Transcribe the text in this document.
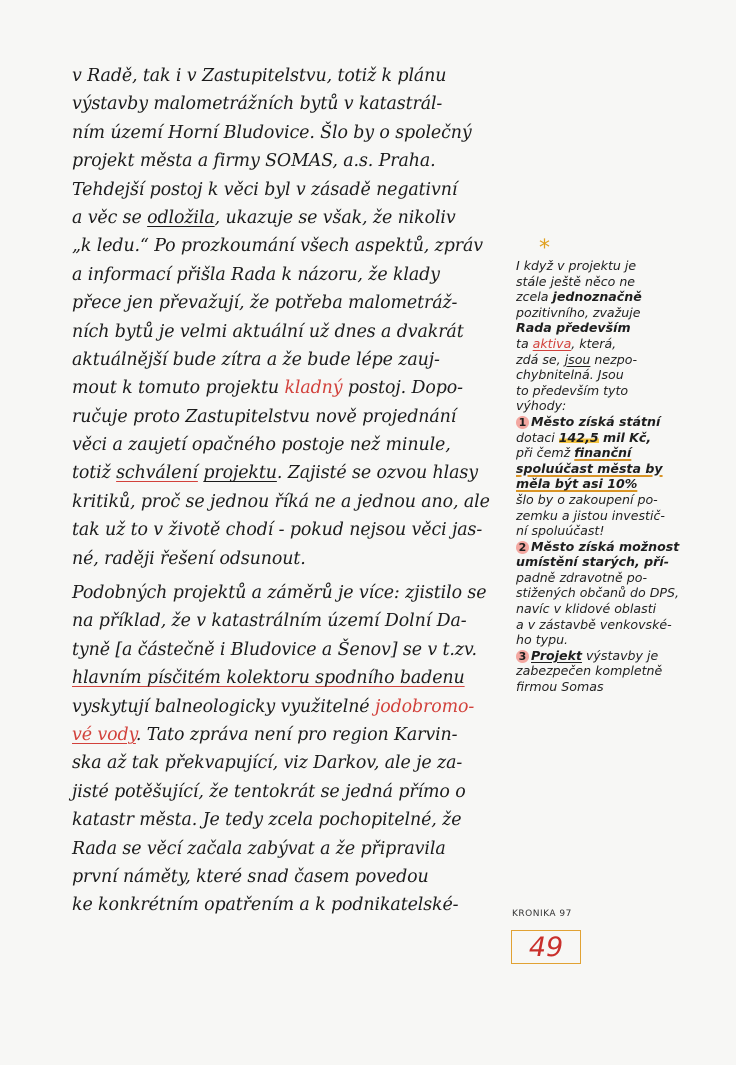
v Radě, tak i v Zastupitelstvu, totiž k plánu
výstavby malometrážních bytů v katastrál-
ním území Horní Bludovice. Šlo by o společný
projekt města a firmy SOMAS, a.s. Praha.
Tehdejší postoj k věci byl v zásadě negativní
a věc se odložila, ukazuje se však, že nikoliv
„k ledu.“ Po prozkoumání všech aspektů, zpráv
a informací přišla Rada k názoru, že klady
přece jen převažují, že potřeba malometráž-
ních bytů je velmi aktuální už dnes a dvakrát
aktuálnější bude zítra a že bude lépe zauj-
mout k tomuto projektu kladný postoj. Dopo-
ručuje proto Zastupitelstvu nově projednání
věci a zaujetí opačného postoje než minule,
totiž schválení projektu. Zajisté se ozvou hlasy
kritiků, proč se jednou říká ne a jednou ano, ale
tak už to v životě chodí - pokud nejsou věci jas-
né, raději řešení odsunout.
Podobných projektů a záměrů je více: zjistilo se
na příklad, že v katastrálním území Dolní Da-
tyně [a částečně i Bludovice a Šenov] se v t.zv.
hlavním písčitém kolektoru spodního badenu
vyskytují balneologicky využitelné jodobromo-
vé vody. Tato zpráva není pro region Karvin-
ska až tak překvapující, viz Darkov, ale je za-
jisté potěšující, že tentokrát se jedná přímo o
katastr města. Je tedy zcela pochopitelné, že
Rada se věcí začala zabývat a že připravila
první náměty, které snad časem povedou
ke konkrétním opatřením a k podnikatelské-
*
I když v projektu je
stále ještě něco ne
zcela jednoznačně
pozitivního, zvažuje
Rada především
ta aktiva, která,
zdá se, jsou nezpo-
chybnitelná. Jsou
to především tyto
výhody:
1 Město získá státní
dotaci 142,5 mil Kč,
při čemž finanční
spoluúčast města by
měla být asi 10%
šlo by o zakoupení po-
zemku a jistou investič-
ní spoluúčast!
2 Město získá možnost
umístění starých, pří-
padně zdravotně po-
stižených občanů do DPS,
navíc v klidové oblasti
a v zástavbě venkovské-
ho typu.
3 Projekt výstavby je
zabezpečen kompletně
firmou Somas
KRONIKA 97
49
